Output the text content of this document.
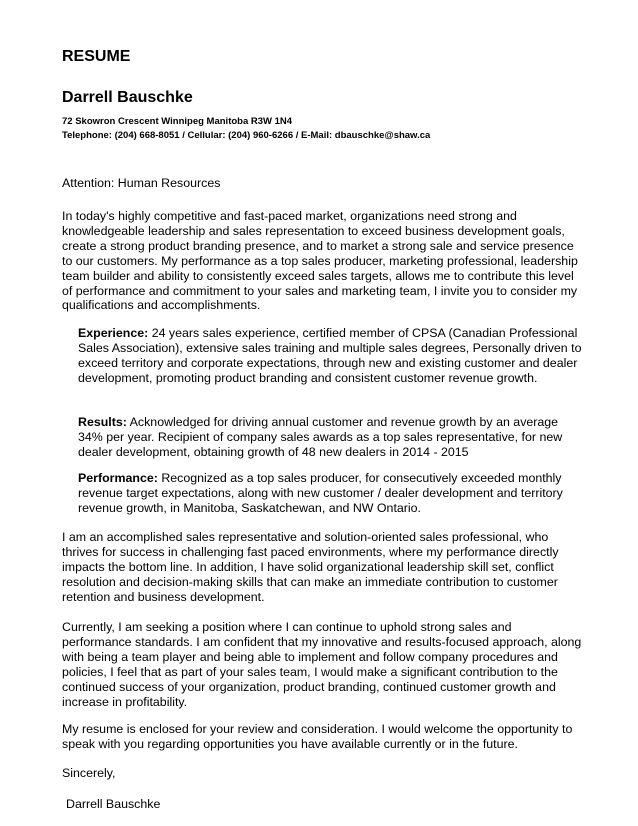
RESUME
Darrell Bauschke
72 Skowron Crescent Winnipeg Manitoba R3W 1N4
Telephone: (204) 668-8051 / Cellular: (204) 960-6266 / E-Mail: dbauschke@shaw.ca
Attention: Human Resources
In today's highly competitive and fast-paced market, organizations need strong and knowledgeable leadership and sales representation to exceed business development goals, create a strong product branding presence, and to market a strong sale and service presence to our customers. My performance as a top sales producer, marketing professional, leadership team builder and ability to consistently exceed sales targets, allows me to contribute this level of performance and commitment to your sales and marketing team, I invite you to consider my qualifications and accomplishments.
Experience: 24 years sales experience, certified member of CPSA (Canadian Professional Sales Association), extensive sales training and multiple sales degrees, Personally driven to exceed territory and corporate expectations, through new and existing customer and dealer development, promoting product branding and consistent customer revenue growth.
Results: Acknowledged for driving annual customer and revenue growth by an average 34% per year. Recipient of company sales awards as a top sales representative, for new dealer development, obtaining growth of 48 new dealers in 2014 - 2015
Performance: Recognized as a top sales producer, for consecutively exceeded monthly revenue target expectations, along with new customer / dealer development and territory revenue growth, in Manitoba, Saskatchewan, and NW Ontario.
I am an accomplished sales representative and solution-oriented sales professional, who thrives for success in challenging fast paced environments, where my performance directly impacts the bottom line. In addition, I have solid organizational leadership skill set, conflict resolution and decision-making skills that can make an immediate contribution to customer retention and business development.
Currently, I am seeking a position where I can continue to uphold strong sales and performance standards. I am confident that my innovative and results-focused approach, along with being a team player and being able to implement and follow company procedures and policies, I feel that as part of your sales team, I would make a significant contribution to the continued success of your organization, product branding, continued customer growth and increase in profitability.
My resume is enclosed for your review and consideration. I would welcome the opportunity to speak with you regarding opportunities you have available currently or in the future.
Sincerely,
Darrell Bauschke
